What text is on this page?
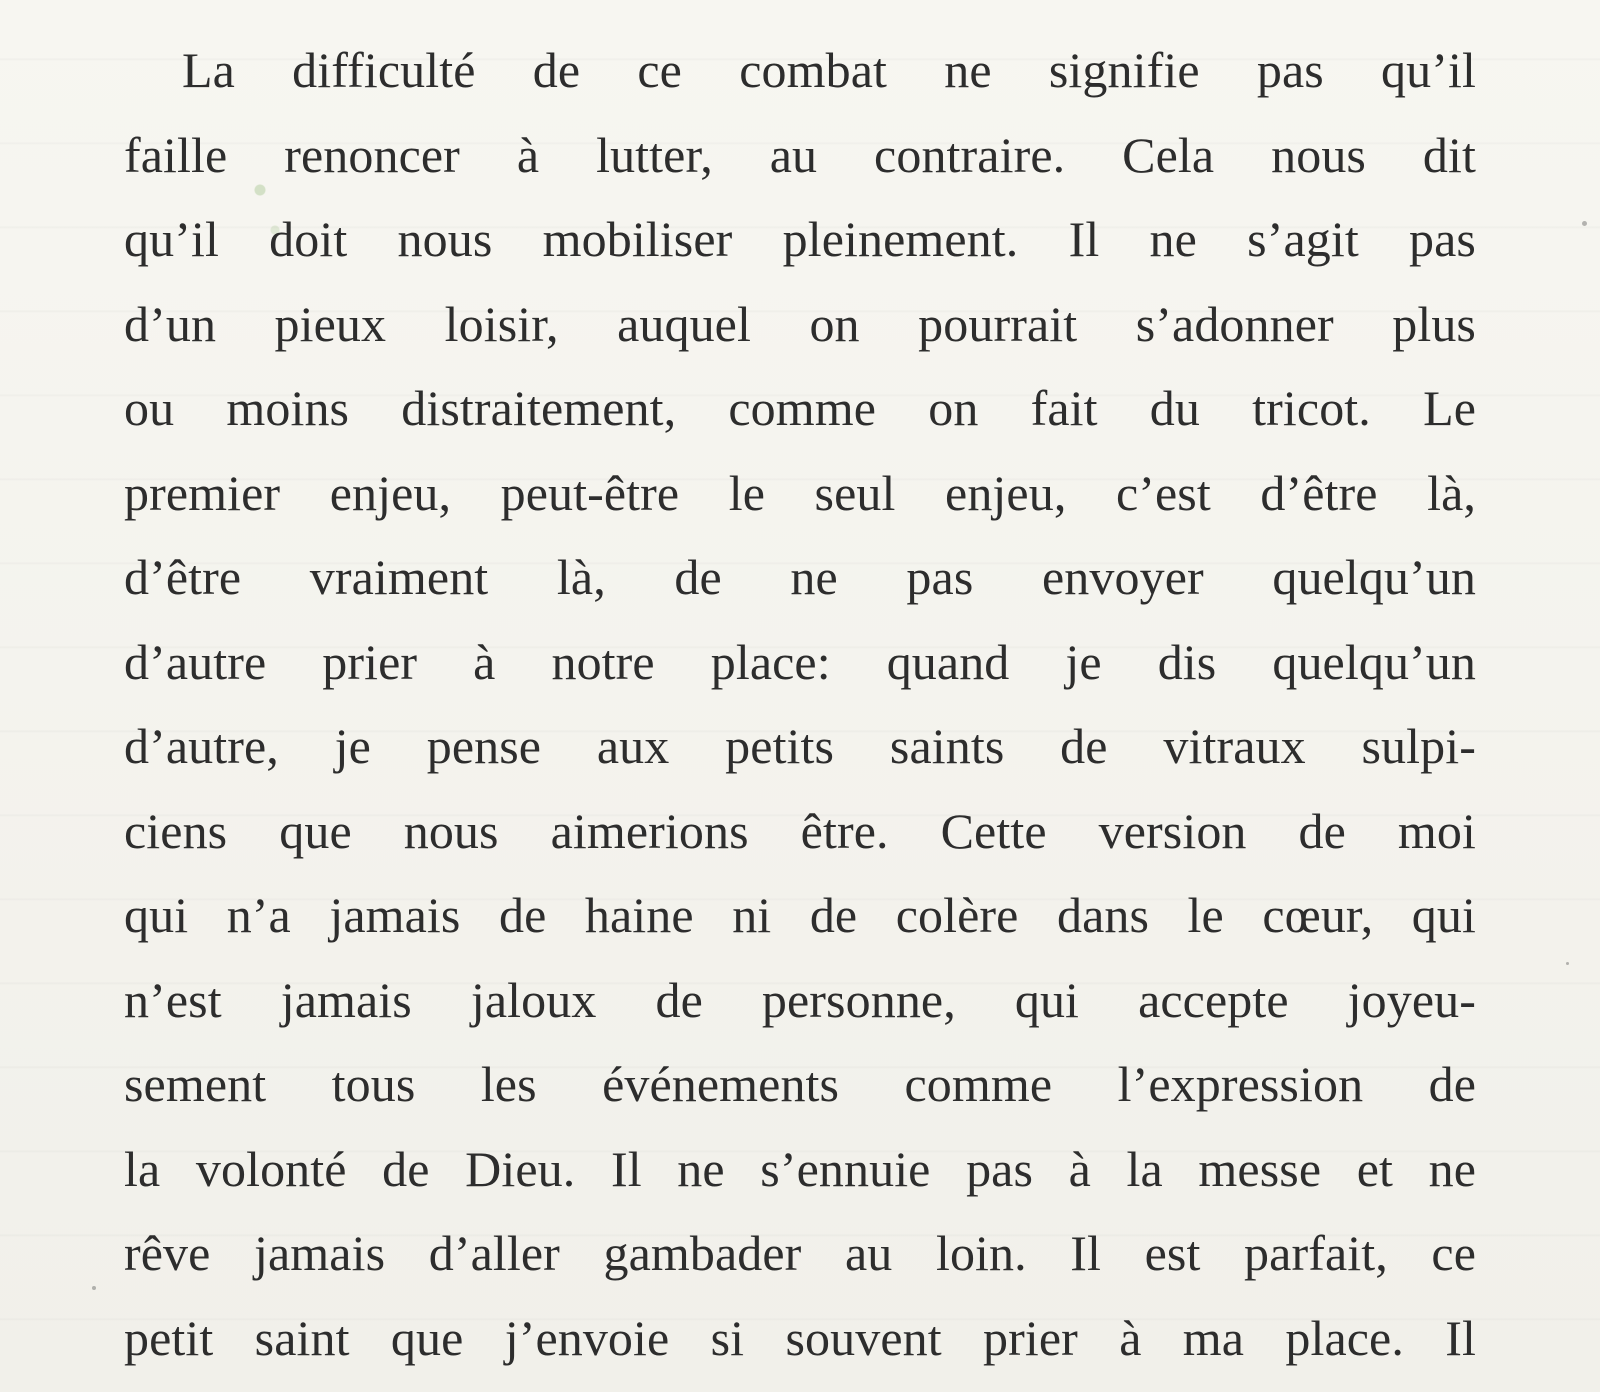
La difficulté de ce combat ne signifie pas qu’il
faille renoncer à lutter, au contraire. Cela nous dit
qu’il doit nous mobiliser pleinement. Il ne s’agit pas
d’un pieux loisir, auquel on pourrait s’adonner plus
ou moins distraitement, comme on fait du tricot. Le
premier enjeu, peut-être le seul enjeu, c’est d’être là,
d’être vraiment là, de ne pas envoyer quelqu’un
d’autre prier à notre place: quand je dis quelqu’un
d’autre, je pense aux petits saints de vitraux sulpi-
ciens que nous aimerions être. Cette version de moi
qui n’a jamais de haine ni de colère dans le cœur, qui
n’est jamais jaloux de personne, qui accepte joyeu-
sement tous les événements comme l’expression de
la volonté de Dieu. Il ne s’ennuie pas à la messe et ne
rêve jamais d’aller gambader au loin. Il est parfait, ce
petit saint que j’envoie si souvent prier à ma place. Il
